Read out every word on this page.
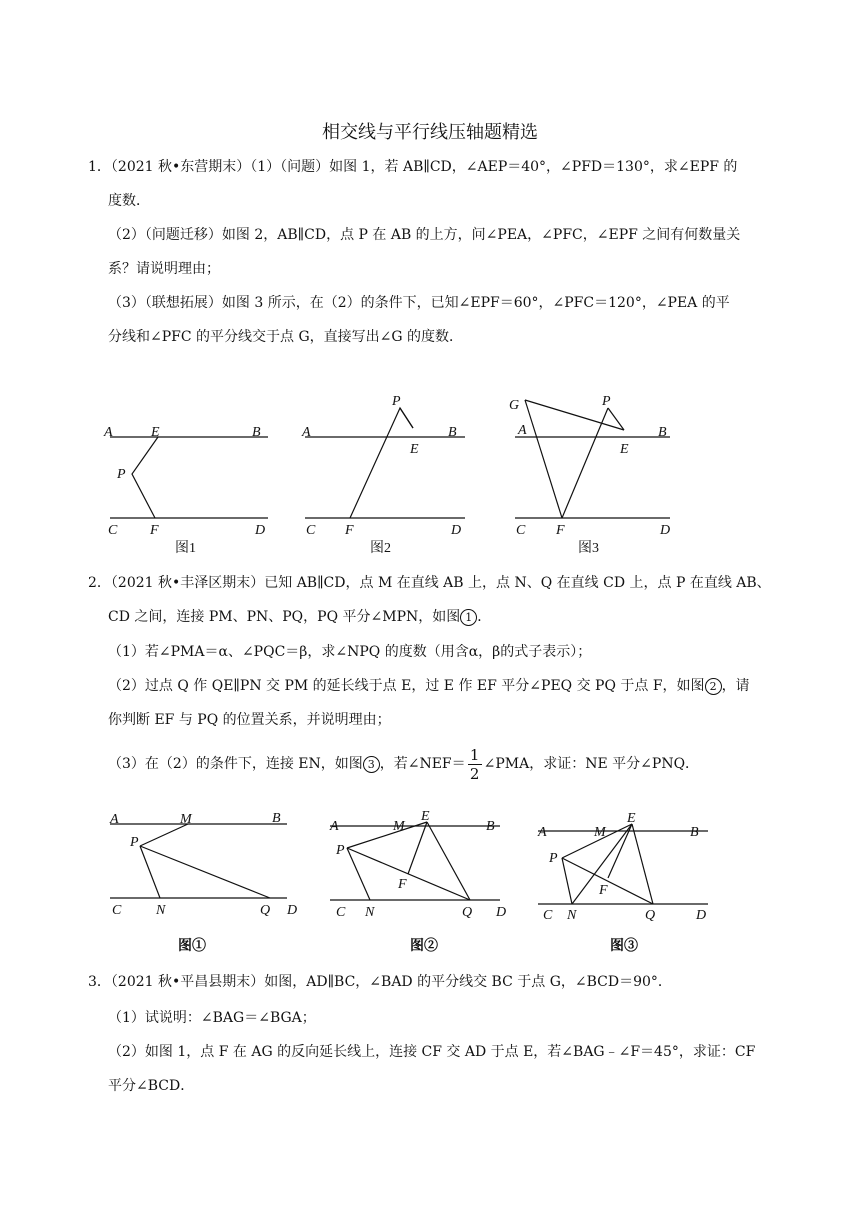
相交线与平行线压轴题精选
1．（2021 秋•东营期末）（1）（问题）如图 1，若 AB∥CD，∠AEP＝40°，∠PFD＝130°，求∠EPF 的
度数．
（2）（问题迁移）如图 2，AB∥CD，点 P 在 AB 的上方，问∠PEA，∠PFC，∠EPF 之间有何数量关
系？请说明理由；
（3）（联想拓展）如图 3 所示，在（2）的条件下，已知∠EPF＝60°，∠PFC＝120°，∠PEA 的平
分线和∠PFC 的平分线交于点 G，直接写出∠G 的度数．
A	E	B
P
C F	D
A
P
B
E
C F	D
G
A
P
B
E
C F	D
图1	图2	图3
2．（2021 秋•丰泽区期末）已知 AB∥CD，点 M 在直线 AB 上，点 N、Q 在直线 CD 上，点 P 在直线 AB、
CD 之间，连接 PM、PN、PQ，PQ 平分∠MPN，如图 1 ．
（1）若∠PMA＝α、∠PQC＝β，求∠NPQ 的度数（用含α，β的式子表示）；
（2）过点 Q 作 QE∥PN 交 PM 的延长线于点 E，过 E 作 EF 平分∠PEQ 交 PQ 于点 F，如图 2 ，请
你判断 EF 与 PQ 的位置关系，并说明理由；
（3）在（2）的条件下，连接 EN，如图 3 ，若∠NEF＝ $\frac{1}{2}$ ∠PMA，求证：NE 平分∠PNQ．
A	M	B
P
C N	Q D
A	M
E
B
P
F
C N	Q D
A	M
E
B
P
F
C N	Q	D
图①	图②	图③
3．（2021 秋•平昌县期末）如图，AD∥BC，∠BAD 的平分线交 BC 于点 G，∠BCD＝90°．
（1）试说明：∠BAG＝∠BGA；
（2）如图 1，点 F 在 AG 的反向延长线上，连接 CF 交 AD 于点 E，若∠BAG﹣∠F＝45°，求证：CF
平分∠BCD．
